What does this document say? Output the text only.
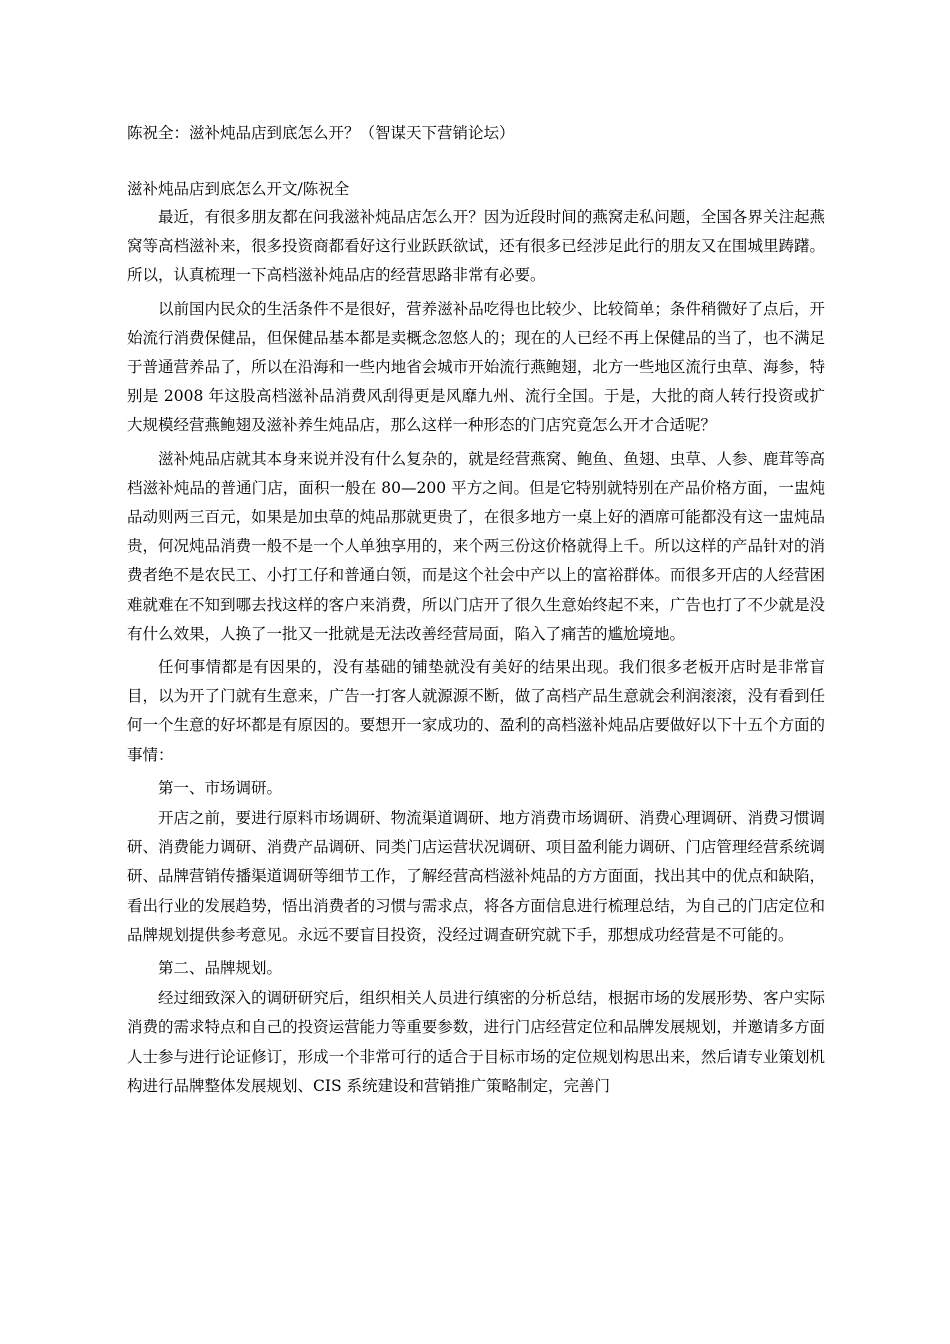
陈祝全：滋补炖品店到底怎么开？（智谋天下营销论坛）
滋补炖品店到底怎么开文/陈祝全

最近，有很多朋友都在问我滋补炖品店怎么开？因为近段时间的燕窝走私问题，全国各界关注起燕窝等高档滋补来，很多投资商都看好这行业跃跃欲试，还有很多已经涉足此行的朋友又在围城里踌躇。所以，认真梳理一下高档滋补炖品店的经营思路非常有必要。

以前国内民众的生活条件不是很好，营养滋补品吃得也比较少、比较简单；条件稍微好了点后，开始流行消费保健品，但保健品基本都是卖概念忽悠人的；现在的人已经不再上保健品的当了，也不满足于普通营养品了，所以在沿海和一些内地省会城市开始流行燕鲍翅，北方一些地区流行虫草、海参，特别是 2008 年这股高档滋补品消费风刮得更是风靡九州、流行全国。于是，大批的商人转行投资或扩大规模经营燕鲍翅及滋补养生炖品店，那么这样一种形态的门店究竟怎么开才合适呢？

滋补炖品店就其本身来说并没有什么复杂的，就是经营燕窝、鲍鱼、鱼翅、虫草、人参、鹿茸等高档滋补炖品的普通门店，面积一般在 80—200 平方之间。但是它特别就特别在产品价格方面，一盅炖品动则两三百元，如果是加虫草的炖品那就更贵了，在很多地方一桌上好的酒席可能都没有这一盅炖品贵，何况炖品消费一般不是一个人单独享用的，来个两三份这价格就得上千。所以这样的产品针对的消费者绝不是农民工、小打工仔和普通白领，而是这个社会中产以上的富裕群体。而很多开店的人经营困难就难在不知到哪去找这样的客户来消费，所以门店开了很久生意始终起不来，广告也打了不少就是没有什么效果，人换了一批又一批就是无法改善经营局面，陷入了痛苦的尴尬境地。

任何事情都是有因果的，没有基础的铺垫就没有美好的结果出现。我们很多老板开店时是非常盲目，以为开了门就有生意来，广告一打客人就源源不断，做了高档产品生意就会利润滚滚，没有看到任何一个生意的好坏都是有原因的。要想开一家成功的、盈利的高档滋补炖品店要做好以下十五个方面的事情：

第一、市场调研。

开店之前，要进行原料市场调研、物流渠道调研、地方消费市场调研、消费心理调研、消费习惯调研、消费能力调研、消费产品调研、同类门店运营状况调研、项目盈利能力调研、门店管理经营系统调研、品牌营销传播渠道调研等细节工作，了解经营高档滋补炖品的方方面面，找出其中的优点和缺陷，看出行业的发展趋势，悟出消费者的习惯与需求点，将各方面信息进行梳理总结，为自己的门店定位和品牌规划提供参考意见。永远不要盲目投资，没经过调查研究就下手，那想成功经营是不可能的。

第二、品牌规划。

经过细致深入的调研研究后，组织相关人员进行缜密的分析总结，根据市场的发展形势、客户实际消费的需求特点和自己的投资运营能力等重要参数，进行门店经营定位和品牌发展规划，并邀请多方面人士参与进行论证修订，形成一个非常可行的适合于目标市场的定位规划构思出来，然后请专业策划机构进行品牌整体发展规划、CIS 系统建设和营销推广策略制定，完善门
